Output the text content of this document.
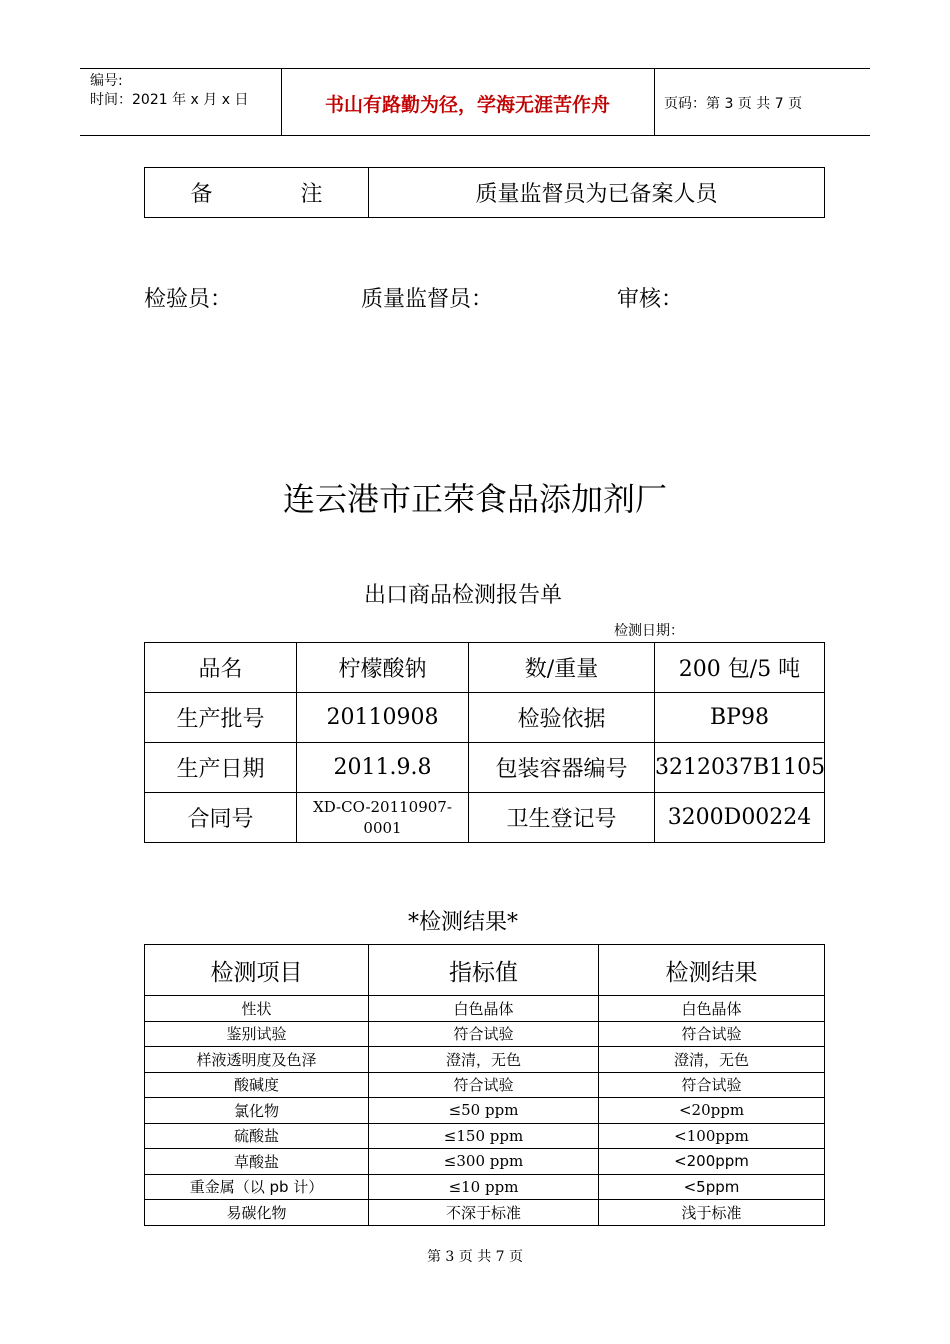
编号:
时间：2021 年 x 月 x 日	书山有路勤为径，学海无涯苦作舟	页码：第 3 页 共 7 页
备　　　　注	质量监督员为已备案人员
检验员：	质量监督员：	审核：
连云港市正荣食品添加剂厂
出口商品检测报告单
检测日期：
品名	柠檬酸钠	数/重量	200 包/5 吨
生产批号	20110908	检验依据	BP98
生产日期	2011.9.8	包装容器编号	3212037B1105
合同号	XD-CO-20110907-0001	卫生登记号	3200D00224
*检测结果*
检测项目	指标值	检测结果
性状	白色晶体	白色晶体
鉴别试验	符合试验	符合试验
样液透明度及色泽	澄清，无色	澄清，无色
酸碱度	符合试验	符合试验
氯化物	≤50 ppm	<20ppm
硫酸盐	≤150 ppm	<100ppm
草酸盐	≤300 ppm	<200ppm
重金属（以 pb 计）	≤10 ppm	<5ppm
易碳化物	不深于标准	浅于标准
第 3 页 共 7 页
